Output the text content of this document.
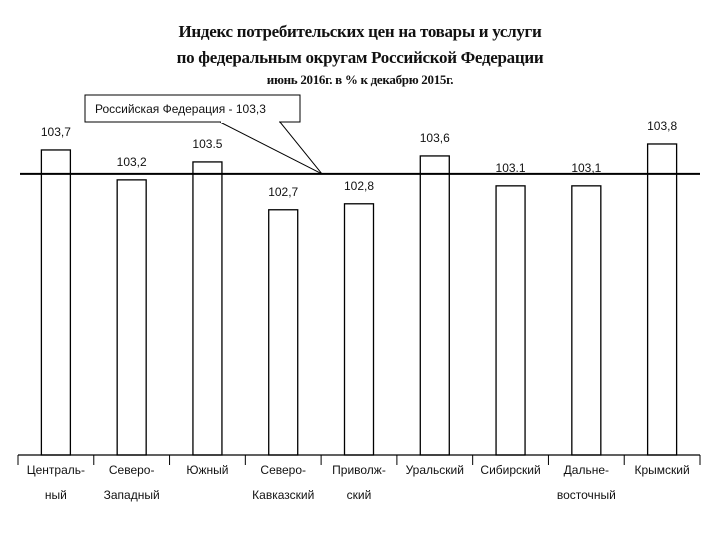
Индекс потребительских цен на товары и услуги
по федеральным округам Российской Федерации
июнь 2016г. в % к декабрю 2015г.
103,7
Централь-
ный
103,2
Северо-
Западный
103.5
Южный
102,7
Северо-
Кавказский
102,8
Приволж-
ский
103,6
Уральский
103.1
Сибирский
103,1
Дальне-
восточный
103,8
Крымский
Российская Федерация - 103,3
